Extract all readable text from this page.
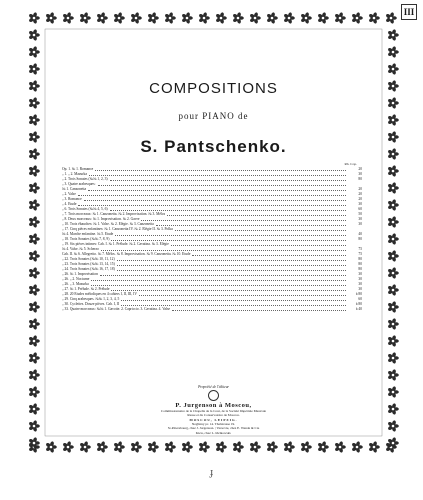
III
COMPOSITIONS
pour PIANO de
S. Pantschenko.
Rb. Cop.
Op. 1. № 1. Romance	20
„ 1. „ 2. Mazurka	30
„ 2. Trois Sonates (№№ 1, 2, 3)	80
„ 3. Quatre arabesques:
№ 1. Canzonetta	20
„ 2. Valse	20
„ 3. Romance	20
„ 4. Étude	30
„ 6. Trois Sonates (№№ 4, 5, 6)	60
„ 7. Trois morceaux: № 1. Canzonetta. № 2. Improvisation. № 3. Mélos	50
„ 8. Deux morceaux: № 1. Improvisation. № 2. Gavre	30
„ 10. Trois ébauches: № 1. Valse. № 2. Élégie. № 3. Canzonetta	30
„ 17. Cinq pièces enfantines: № 1. Canzonetta IV. № 2. Élégie II. № 3. Polka
№ 4. Marche enfantine. № 5. Étude	40
„ 18. Trois Sonates (№№ 7, 8, 9)	80
„ 19. Six pièces intimes: Cah. I. № 1. Prélude. № 2. Cavatina. № 3. Élégie
№ 4. Valse. № 5. Scherzo	75
Cah. II. № 6. Allegretto. № 7. Mélos. № 8. Improvisation. № 9. Canzonetta. № 10. Étude	75
„ 22. Trois Sonates (№№ 10, 11, 12)	80
„ 23. Trois Sonates (№№ 13, 14, 15)	80
„ 24. Trois Sonates (№№ 16, 17, 18)	80
„ 26. № 1. Improvisation	30
„ 26. „ 2. Nocturne	30
„ 26. „ 3. Mazurka	30
„ 27. № 1. Prélude. № 2. Prélude	30
„ 28. 20 Études mélodiques en 4 cahiers I, II, III, IV	à 80
„ 29. Cinq arabesques. №№ 1, 2, 3, 4, 5	60
„ 30. Cyclettes. Douze pièces. Cah. I, II	à 80
„ 33. Quatre morceaux: №№ 1. Gavotte. 2. Capriccio. 3. Cavatina. 4. Valse	à 40
Propriété de l'éditeur
P. Jurgenson à Moscou,
Commissionnaire de la Chapelle de la Cour, de la Société Impériale Musicale
Russe et du Conservatoire de Moscou.
MOSCOU, LEIPZIG.
Neglinny pr. 14. Thalstrasse 19.
St-Pétersbourg, chez J. Jurgenson. | Varsovie, chez E. Wende & Cie
Kiew, chez L. Idzikowski.
ɟ
